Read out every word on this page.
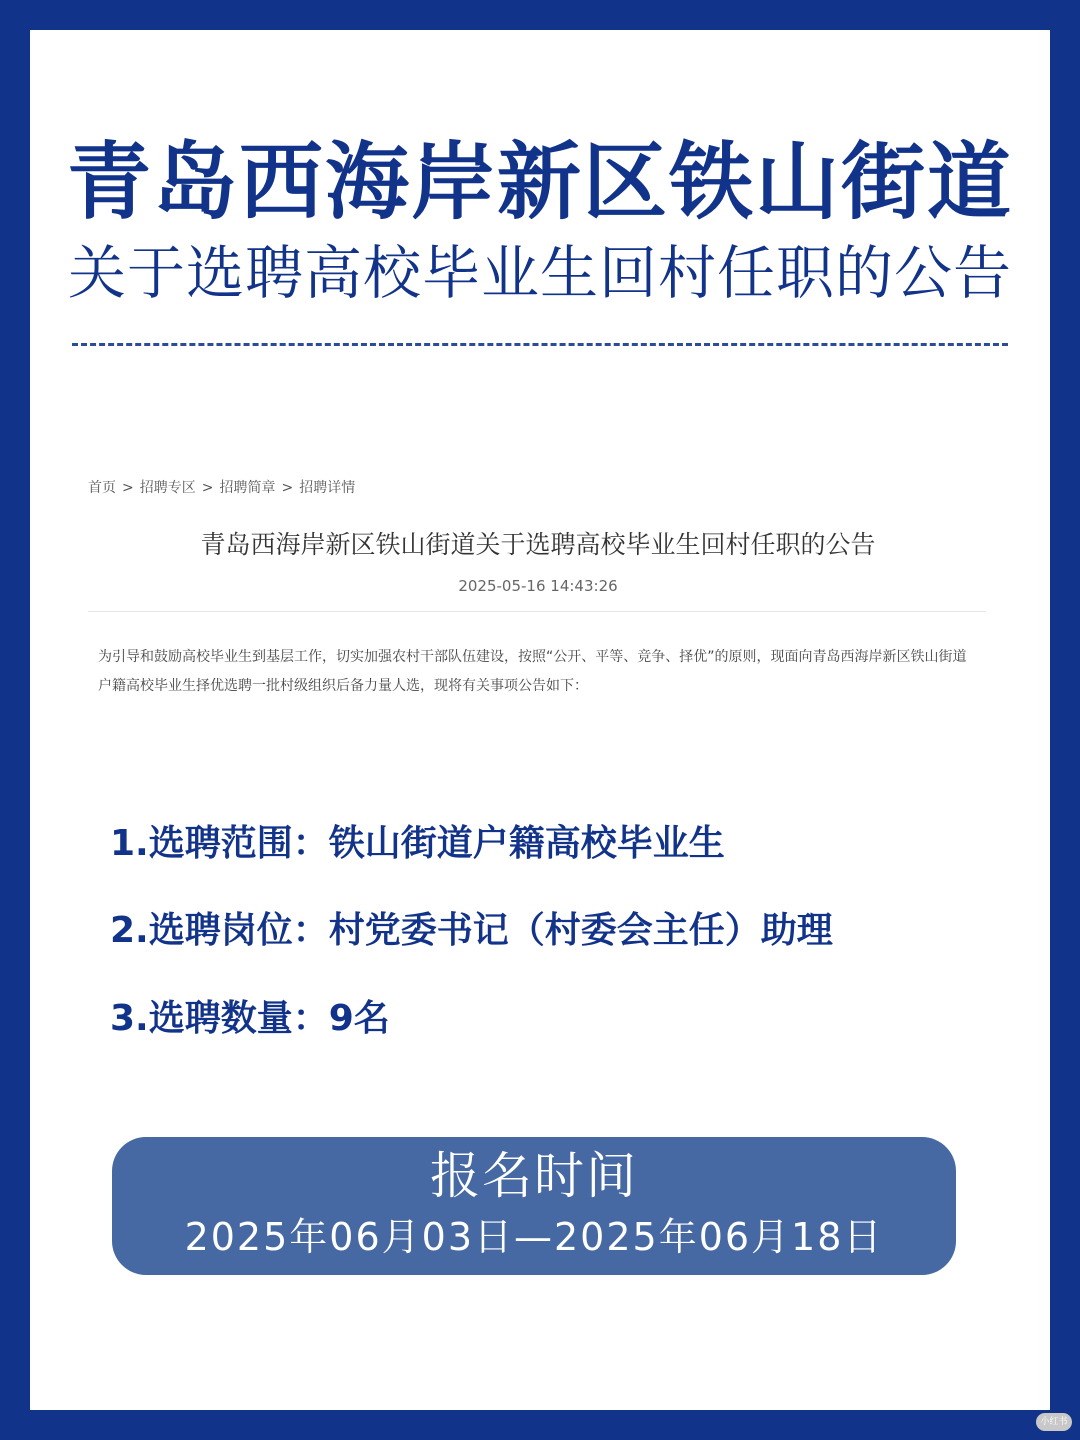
青岛西海岸新区铁山街道
关于选聘高校毕业生回村任职的公告
首页 > 招聘专区 > 招聘简章 > 招聘详情
青岛西海岸新区铁山街道关于选聘高校毕业生回村任职的公告
2025-05-16 14:43:26
为引导和鼓励高校毕业生到基层工作，切实加强农村干部队伍建设，按照“公开、平等、竞争、择优”的原则，现面向青岛西海岸新区铁山街道户籍高校毕业生择优选聘一批村级组织后备力量人选，现将有关事项公告如下：
1.选聘范围：铁山街道户籍高校毕业生
2.选聘岗位：村党委书记（村委会主任）助理
3.选聘数量：9名
报名时间
2025年06月03日—2025年06月18日
小红书
